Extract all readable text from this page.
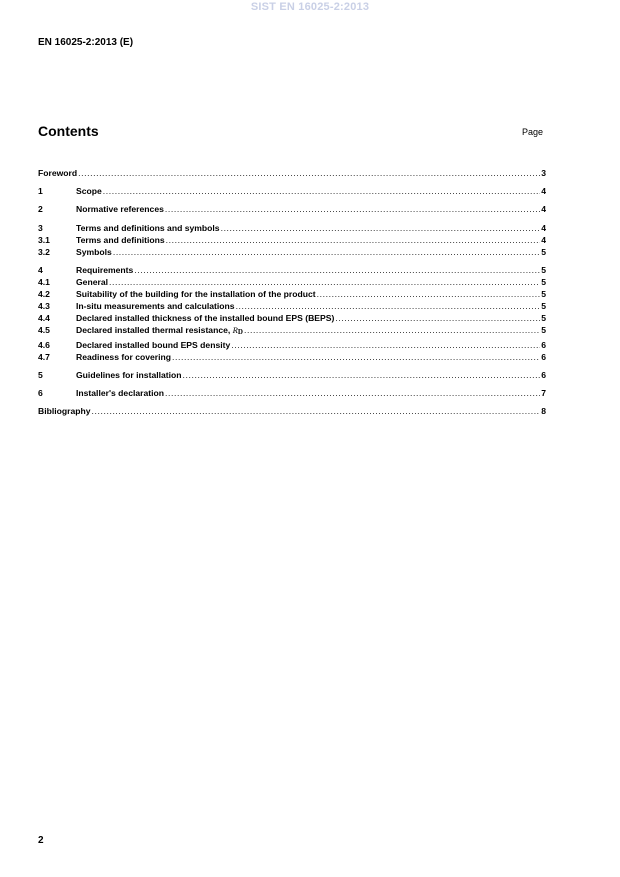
SIST EN 16025-2:2013
EN 16025-2:2013 (E)
Contents	Page
Foreword .....	3
1	Scope .....	4
2	Normative references .....	4
3	Terms and definitions and symbols .....	4
3.1	Terms and definitions .....	4
3.2	Symbols .....	5
4	Requirements .....	5
4.1	General .....	5
4.2	Suitability of the building for the installation of the product .....	5
4.3	In-situ measurements and calculations .....	5
4.4	Declared installed thickness of the installed bound EPS (BEPS) .....	5
4.5	Declared installed thermal resistance, RD .....	5
4.6	Declared installed bound EPS density .....	6
4.7	Readiness for covering .....	6
5	Guidelines for installation .....	6
6	Installer's declaration .....	7
Bibliography .....	8
2
